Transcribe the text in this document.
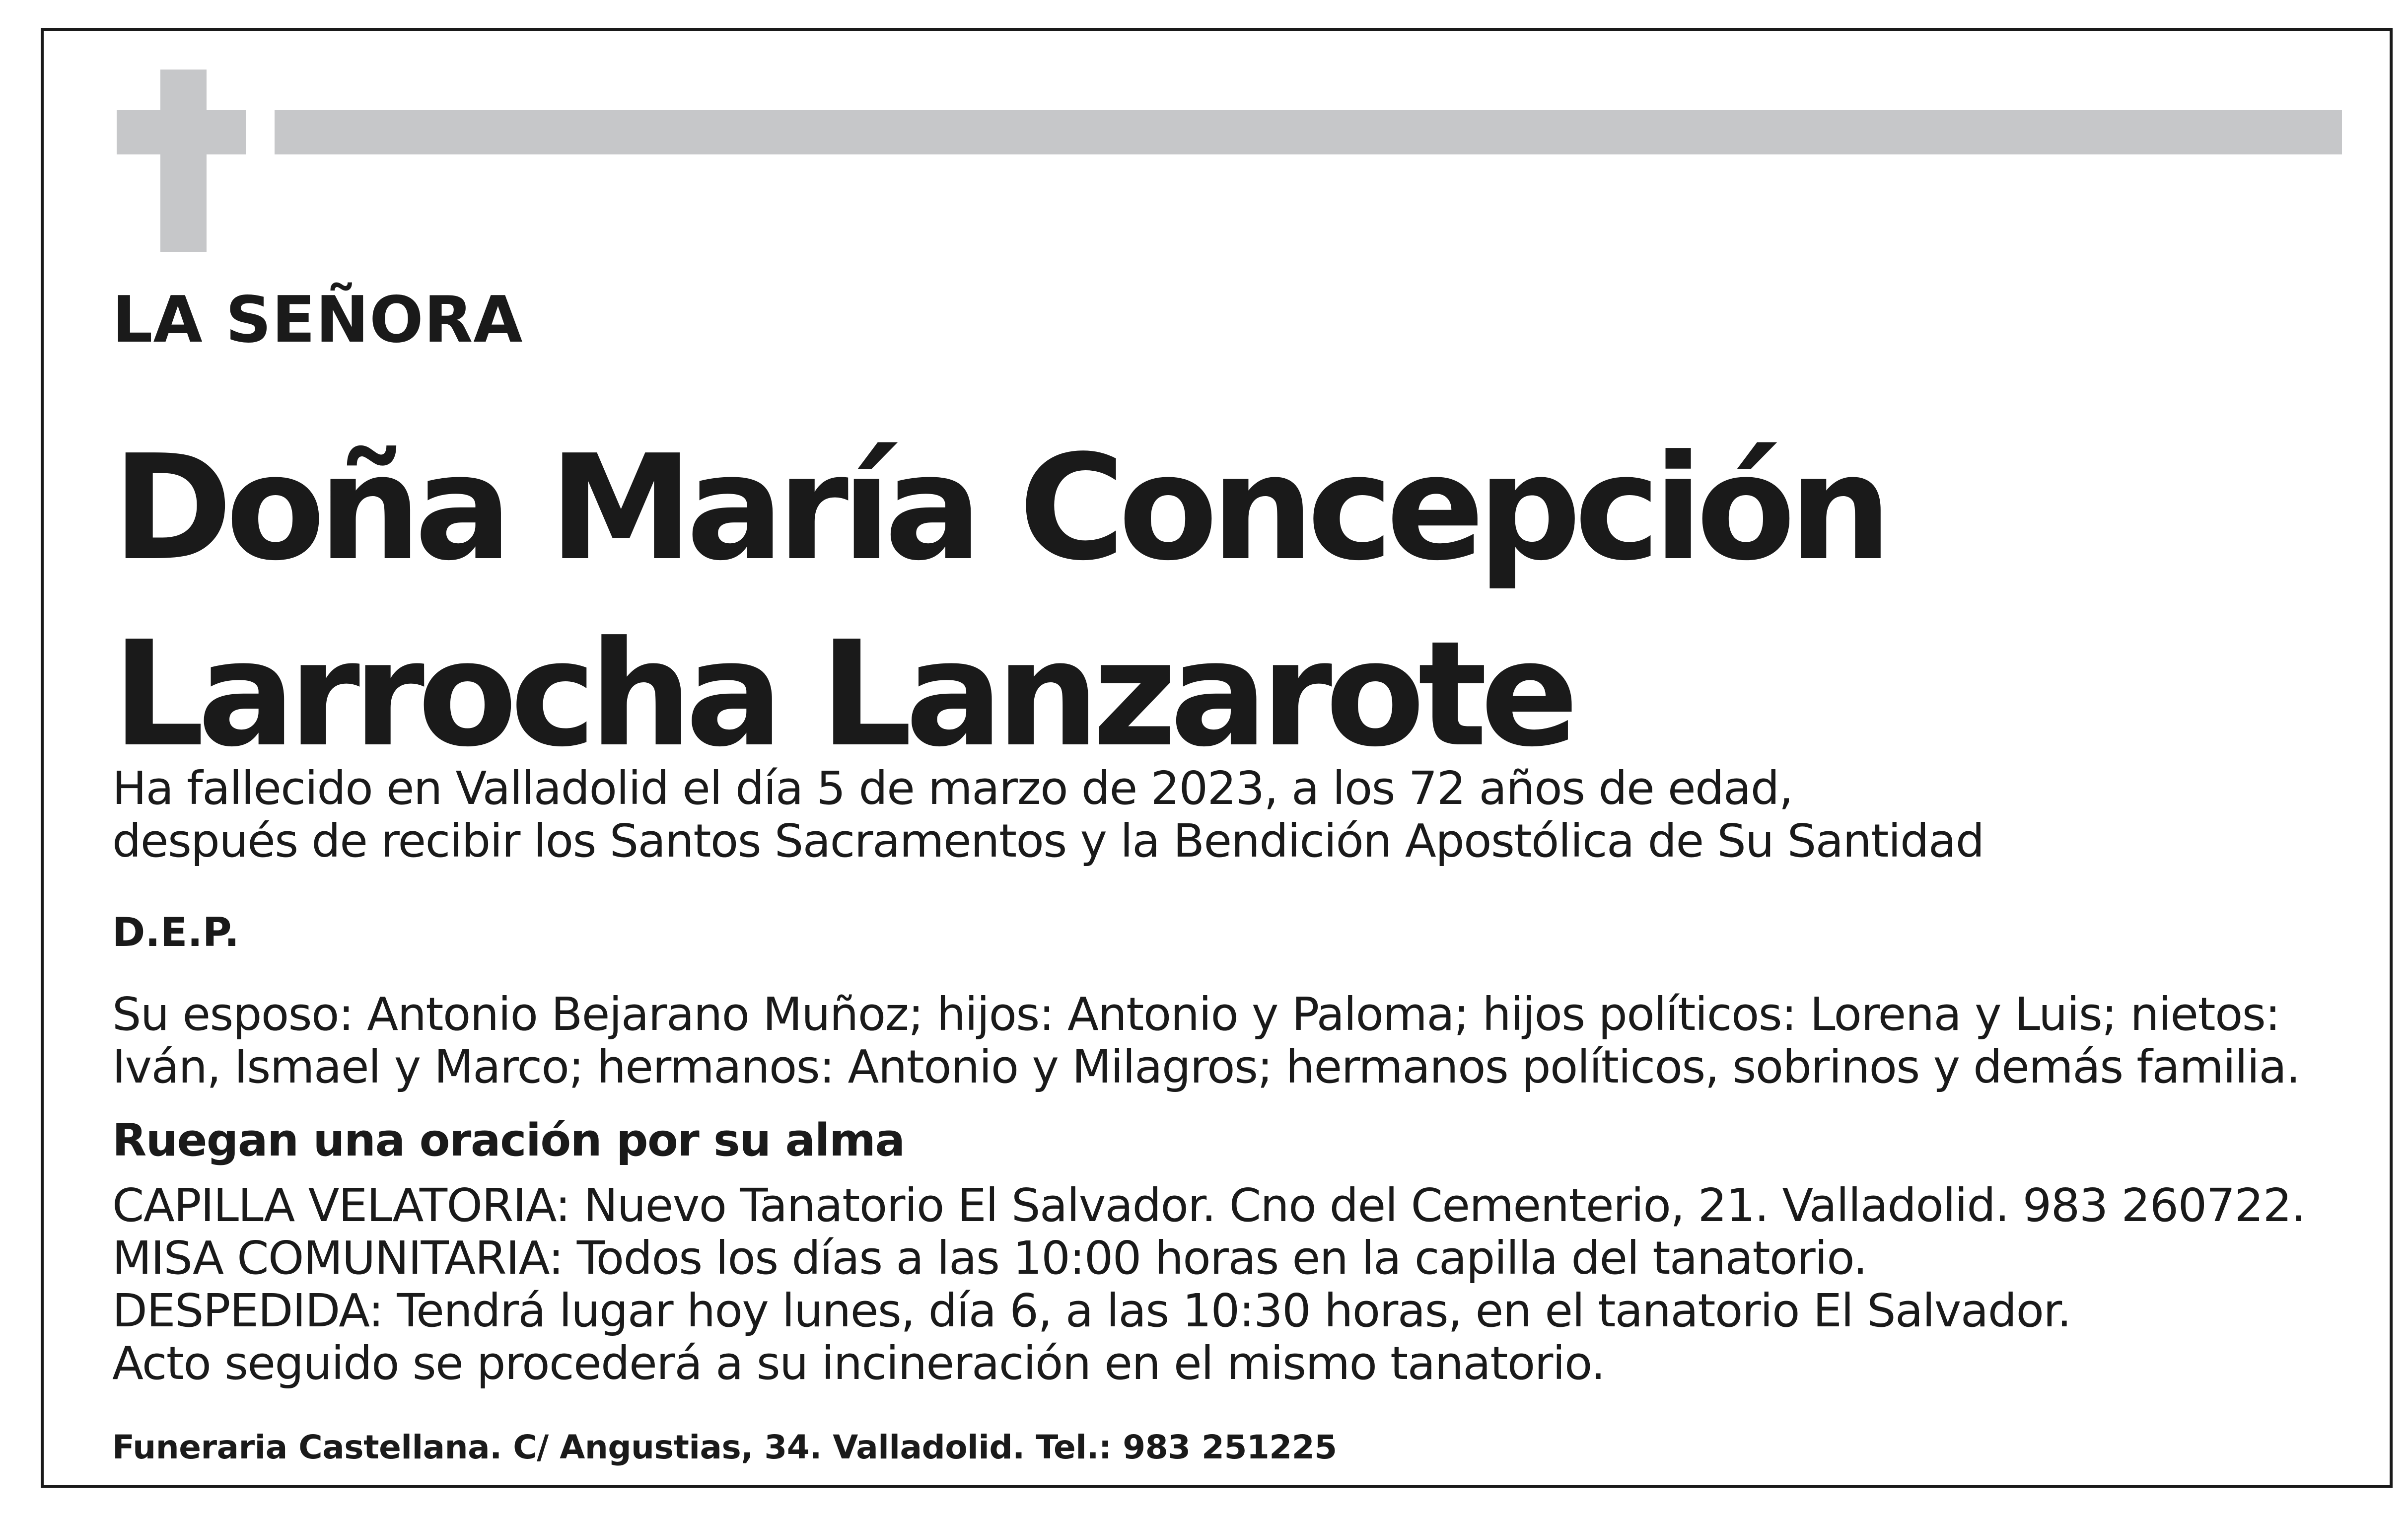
LA SEÑORA

Doña María Concepción

Larrocha Lanzarote

Ha fallecido en Valladolid el día 5 de marzo de 2023, a los 72 años de edad,
después de recibir los Santos Sacramentos y la Bendición Apostólica de Su Santidad

D.E.P.

Su esposo: Antonio Bejarano Muñoz; hijos: Antonio y Paloma; hijos políticos: Lorena y Luis; nietos:
Iván, Ismael y Marco; hermanos: Antonio y Milagros; hermanos políticos, sobrinos y demás familia.

Ruegan una oración por su alma

CAPILLA VELATORIA: Nuevo Tanatorio El Salvador. Cno del Cementerio, 21. Valladolid. 983 260722.
MISA COMUNITARIA: Todos los días a las 10:00 horas en la capilla del tanatorio.
DESPEDIDA: Tendrá lugar hoy lunes, día 6, a las 10:30 horas, en el tanatorio El Salvador.
Acto seguido se procederá a su incineración en el mismo tanatorio.

Funeraria Castellana. C/ Angustias, 34. Valladolid. Tel.: 983 251225
